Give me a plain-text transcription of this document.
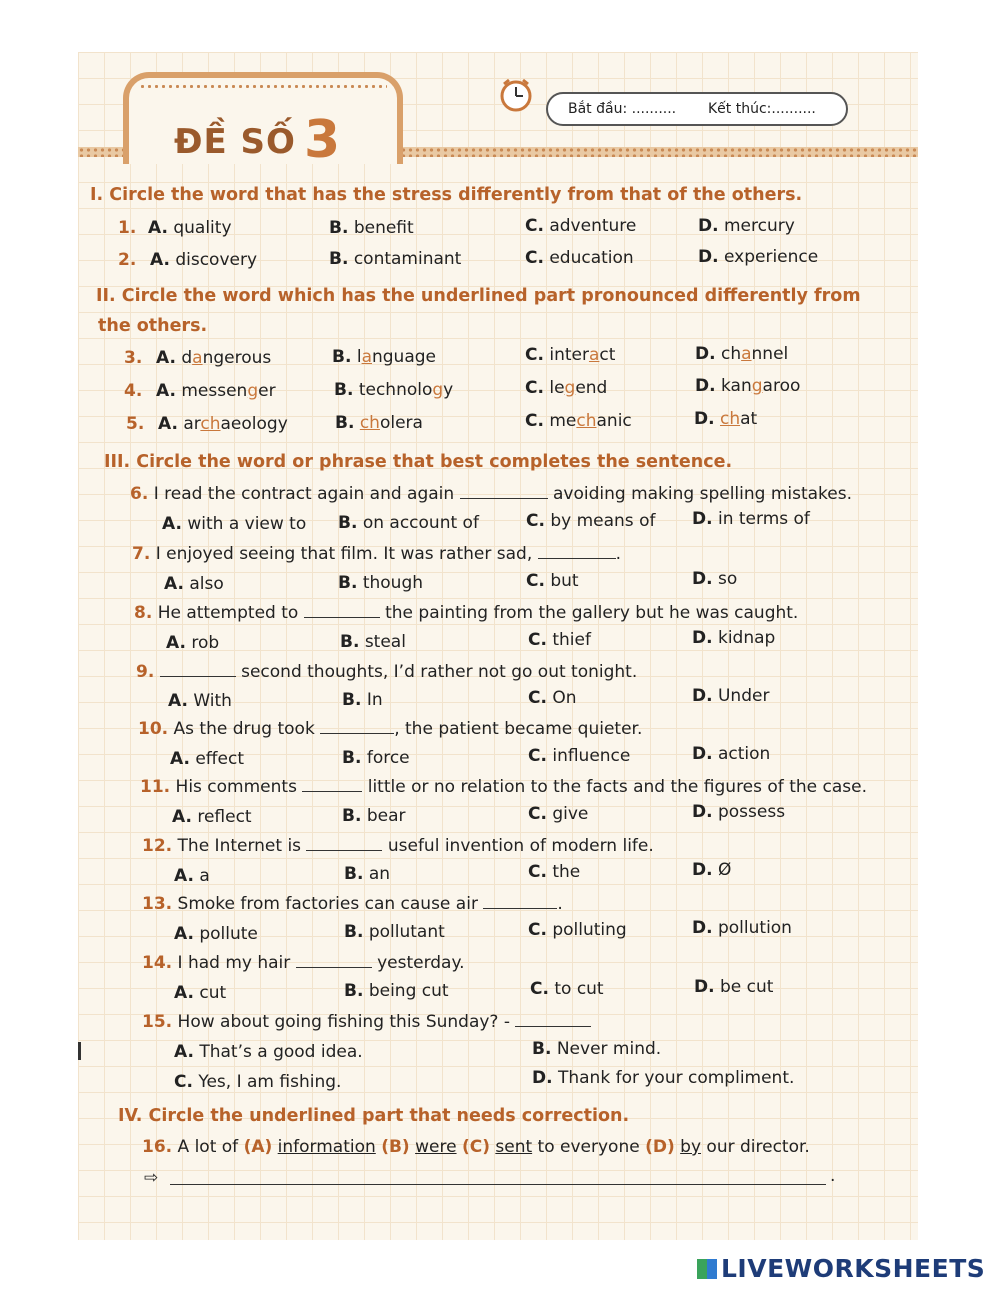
ĐỀ SỐ 3
Bắt đầu: .......... Kết thúc:..........
I. Circle the word that has the stress differently from that of the others.
1. A. quality	B. benefit	C. adventure	D. mercury
2. A. discovery	B. contaminant	C. education	D. experience
II. Circle the word which has the underlined part pronounced differently from
the others.
3. A. dangerous	B. language	C. interact	D. channel
4. A. messenger	B. technology	C. legend	D. kangaroo
5. A. archaeology	B. cholera	C. mechanic	D. chat
III. Circle the word or phrase that best completes the sentence.
6. I read the contract again and again	avoiding making spelling mistakes.
A. with a view to B. on account of	C. by means of D. in terms of
7. I enjoyed seeing that film. It was rather sad,	.
A. also	B. though	C. but	D. so
8. He attempted to	the painting from the gallery but he was caught.
A. rob	B. steal	C. thief	D. kidnap
9.	second thoughts, I’d rather not go out tonight.
A. With	B. In	C. On	D. Under
10. As the drug took	, the patient became quieter.
A. effect	B. force	C. influence	D. action
11. His comments	little or no relation to the facts and the figures of the case.
A. reflect	B. bear	C. give	D. possess
12. The Internet is	useful invention of modern life.
A. a	B. an	C. the	D. Ø
13. Smoke from factories can cause air	.
A. pollute	B. pollutant	C. polluting	D. pollution
14. I had my hair	yesterday.
A. cut	B. being cut	C. to cut	D. be cut
15. How about going fishing this Sunday? -
A. That’s a good idea.	B. Never mind.
C. Yes, I am fishing.	D. Thank for your compliment.
IV. Circle the underlined part that needs correction.
16. A lot of (A) information (B) were (C) sent to everyone (D) by our director.
⇨	.
LIVEWORKSHEETS
